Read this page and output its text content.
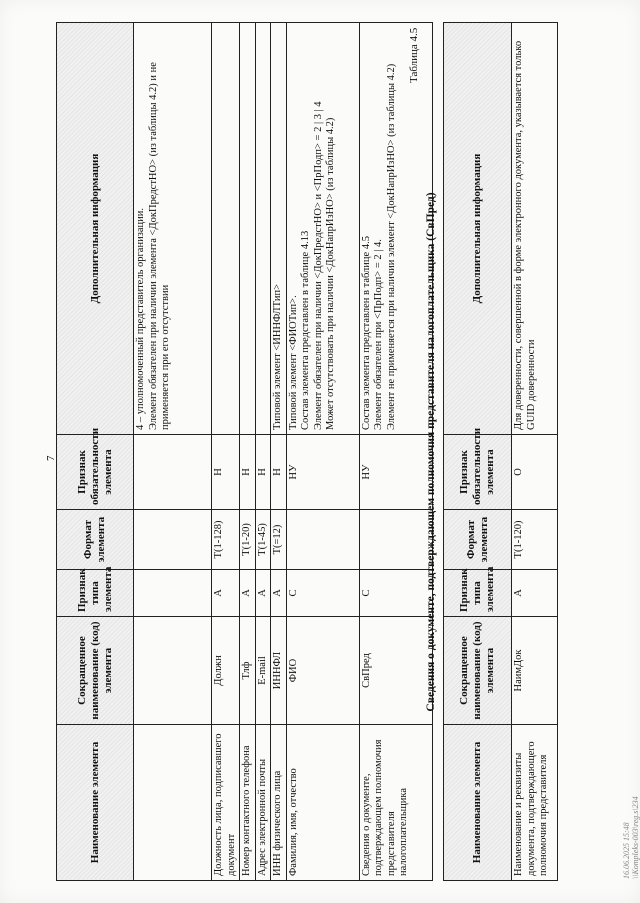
7
Наименование элемента	Сокращенное наименование (код) элемента	Признак типа элемента	Формат элемента	Признак обязательности элемента	Дополнительная информация

					4 – уполномоченный представитель организации. Элемент обязателен при наличии элемента <ДокПредстНО> (из таблицы 4.2) и не применяется при его отсутствии

Должность лица, подписавшего документ	Должн	А	T(1-128)	Н	

Номер контактного телефона	Тлф	А	T(1-20)	Н	

Адрес электронной почты	E-mail	А	T(1-45)	Н	

ИНН физического лица	ИННФЛ	А	T(=12)	Н	Типовой элемент <ИННФЛТип>

Фамилия, имя, отчество	ФИО	С		НУ	Типовой элемент <ФИОТип>. Состав элемента представлен в таблице 4.13 Элемент обязателен при наличии <ДокПредстНО> и <ПрПодп> = 2 | 3 | 4 Может отсутствовать при наличии <ДокНапрИзНО> (из таблицы 4.2)

Сведения о документе, подтверждающем полномочия представителя налогоплательщика	СвПред	С		НУ	Состав элемента представлен в таблице 4.5 Элемент обязателен при <ПрПодп> = 2 | 4. Элемент не применяется при наличии элемент <ДокНапрИзНО> (из таблицы 4.2)
Таблица 4.5
Сведения о документе, подтверждающем полномочия представителя налогоплательщика (СвПред)
Наименование элемента	Сокращенное наименование (код) элемента	Признак типа элемента	Формат элемента	Признак обязательности элемента	Дополнительная информация

Наименование и реквизиты документа, подтверждающего полномочия представителя	НаимДок	А	T(1-120)	О	Для доверенности, совершенной в форме электронного документа, указывается только GUID доверенности
16.06.2025 15:48 \\Kompleks-003\reg.s\234
